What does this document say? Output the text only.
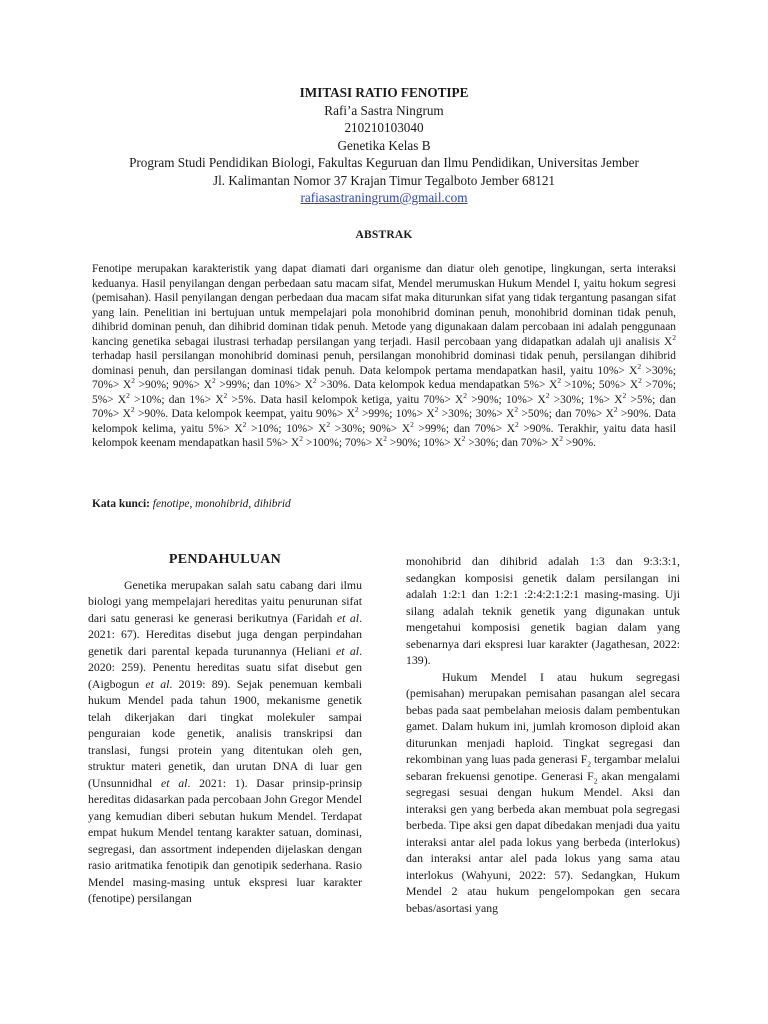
IMITASI RATIO FENOTIPE
Rafi’a Sastra Ningrum
210210103040
Genetika Kelas B
Program Studi Pendidikan Biologi, Fakultas Keguruan dan Ilmu Pendidikan, Universitas Jember
Jl. Kalimantan Nomor 37 Krajan Timur Tegalboto Jember 68121
rafiasastraningrum@gmail.com
ABSTRAK

Fenotipe merupakan karakteristik yang dapat diamati dari organisme dan diatur oleh genotipe, lingkungan, serta interaksi keduanya. Hasil penyilangan dengan perbedaan satu macam sifat, Mendel merumuskan Hukum Mendel I, yaitu hokum segresi (pemisahan). Hasil penyilangan dengan perbedaan dua macam sifat maka diturunkan sifat yang tidak tergantung pasangan sifat yang lain. Penelitian ini bertujuan untuk mempelajari pola monohibrid dominan penuh, monohibrid dominan tidak penuh, dihibrid dominan penuh, dan dihibrid dominan tidak penuh. Metode yang digunakaan dalam percobaan ini adalah penggunaan kancing genetika sebagai ilustrasi terhadap persilangan yang terjadi. Hasil percobaan yang didapatkan adalah uji analisis $X^2$ terhadap hasil persilangan monohibrid dominasi penuh, persilangan monohibrid dominasi tidak penuh, persilangan dihibrid dominasi penuh, dan persilangan dominasi tidak penuh. Data kelompok pertama mendapatkan hasil, yaitu $10\%> X^2 >30\%$; $70\%> X^2 >90\%$; $90\%> X^2 >99\%$; dan $10\%> X^2 >30\%$. Data kelompok kedua mendapatkan $5\%> X^2 >10\%$; $50\%> X^2 >70\%$; $5\%> X^2 >10\%$; dan $1\%> X^2 >5\%$. Data hasil kelompok ketiga, yaitu $70\%> X^2 >90\%$; $10\%> X^2 >30\%$; $1\%> X^2 >5\%$; dan $70\%> X^2 >90\%$. Data kelompok keempat, yaitu $90\%> X^2 >99\%$; $10\%> X^2 >30\%$; $30\%> X^2 >50\%$; dan $70\%> X^2 >90\%$. Data kelompok kelima, yaitu $5\%> X^2 >10\%$; $10\%> X^2 >30\%$; $90\%> X^2 >99\%$; dan $70\%> X^2 >90\%$. Terakhir, yaitu data hasil kelompok keenam mendapatkan hasil $5\%> X^2 >100\%$; $70\%> X^2 >90\%$; $10\%> X^2 >30\%$; dan $70\%> X^2 >90\%$.

Kata kunci: fenotipe, monohibrid, dihibrid

PENDAHULUAN

Genetika merupakan salah satu cabang dari ilmu biologi yang mempelajari hereditas yaitu penurunan sifat dari satu generasi ke generasi berikutnya (Faridah et al. 2021: 67). Hereditas disebut juga dengan perpindahan genetik dari parental kepada turunannya (Heliani et al. 2020: 259). Penentu hereditas suatu sifat disebut gen (Aigbogun et al. 2019: 89). Sejak penemuan kembali hukum Mendel pada tahun 1900, mekanisme genetik telah dikerjakan dari tingkat molekuler sampai penguraian kode genetik, analisis transkripsi dan translasi, fungsi protein yang ditentukan oleh gen, struktur materi genetik, dan urutan DNA di luar gen (Unsunnidhal et al. 2021: 1). Dasar prinsip-prinsip hereditas didasarkan pada percobaan John Gregor Mendel yang kemudian diberi sebutan hukum Mendel. Terdapat empat hukum Mendel tentang karakter satuan, dominasi, segregasi, dan assortment independen dijelaskan dengan rasio aritmatika fenotipik dan genotipik sederhana. Rasio Mendel masing-masing untuk ekspresi luar karakter (fenotipe) persilangan

monohibrid dan dihibrid adalah 1:3 dan 9:3:3:1, sedangkan komposisi genetik dalam persilangan ini adalah 1:2:1 dan 1:2:1 :2:4:2:1:2:1 masing-masing. Uji silang adalah teknik genetik yang digunakan untuk mengetahui komposisi genetik bagian dalam yang sebenarnya dari ekspresi luar karakter (Jagathesan, 2022: 139).

Hukum Mendel I atau hukum segregasi (pemisahan) merupakan pemisahan pasangan alel secara bebas pada saat pembelahan meiosis dalam pembentukan gamet. Dalam hukum ini, jumlah kromoson diploid akan diturunkan menjadi haploid. Tingkat segregasi dan rekombinan yang luas pada generasi $F_2$ tergambar melalui sebaran frekuensi genotipe. Generasi $F_2$ akan mengalami segregasi sesuai dengan hukum Mendel. Aksi dan interaksi gen yang berbeda akan membuat pola segregasi berbeda. Tipe aksi gen dapat dibedakan menjadi dua yaitu interaksi antar alel pada lokus yang berbeda (interlokus) dan interaksi antar alel pada lokus yang sama atau interlokus (Wahyuni, 2022: 57). Sedangkan, Hukum Mendel 2 atau hukum pengelompokan gen secara bebas/asortasi yang
